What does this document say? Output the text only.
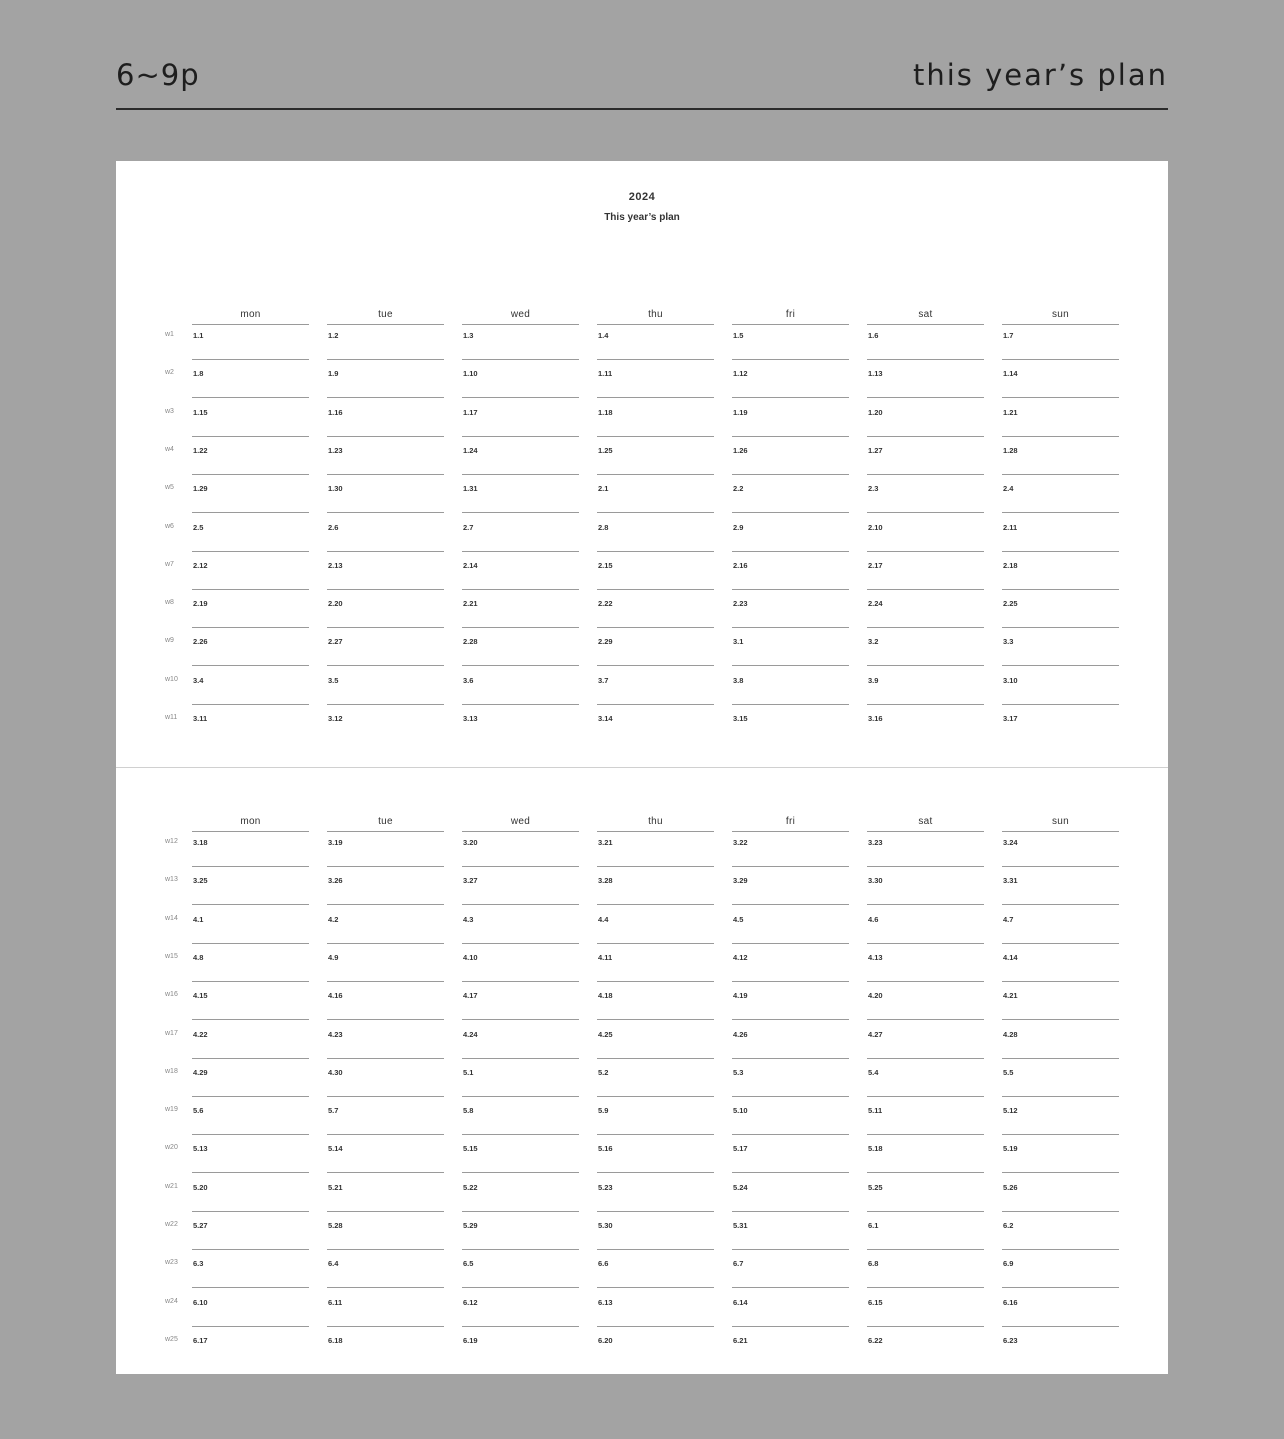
6~9p	this year’s plan
2024
This year’s plan
mon	tue	wed	thu	fri	sat	sun
w1	1.1	1.2	1.3	1.4	1.5	1.6	1.7
w2	1.8	1.9	1.10	1.11	1.12	1.13	1.14
w3	1.15	1.16	1.17	1.18	1.19	1.20	1.21
w4	1.22	1.23	1.24	1.25	1.26	1.27	1.28
w5	1.29	1.30	1.31	2.1	2.2	2.3	2.4
w6	2.5	2.6	2.7	2.8	2.9	2.10	2.11
w7	2.12	2.13	2.14	2.15	2.16	2.17	2.18
w8	2.19	2.20	2.21	2.22	2.23	2.24	2.25
w9	2.26	2.27	2.28	2.29	3.1	3.2	3.3
w10	3.4	3.5	3.6	3.7	3.8	3.9	3.10
w11	3.11	3.12	3.13	3.14	3.15	3.16	3.17
mon	tue	wed	thu	fri	sat	sun
w12	3.18	3.19	3.20	3.21	3.22	3.23	3.24
w13	3.25	3.26	3.27	3.28	3.29	3.30	3.31
w14	4.1	4.2	4.3	4.4	4.5	4.6	4.7
w15	4.8	4.9	4.10	4.11	4.12	4.13	4.14
w16	4.15	4.16	4.17	4.18	4.19	4.20	4.21
w17	4.22	4.23	4.24	4.25	4.26	4.27	4.28
w18	4.29	4.30	5.1	5.2	5.3	5.4	5.5
w19	5.6	5.7	5.8	5.9	5.10	5.11	5.12
w20	5.13	5.14	5.15	5.16	5.17	5.18	5.19
w21	5.20	5.21	5.22	5.23	5.24	5.25	5.26
w22	5.27	5.28	5.29	5.30	5.31	6.1	6.2
w23	6.3	6.4	6.5	6.6	6.7	6.8	6.9
w24	6.10	6.11	6.12	6.13	6.14	6.15	6.16
w25	6.17	6.18	6.19	6.20	6.21	6.22	6.23
